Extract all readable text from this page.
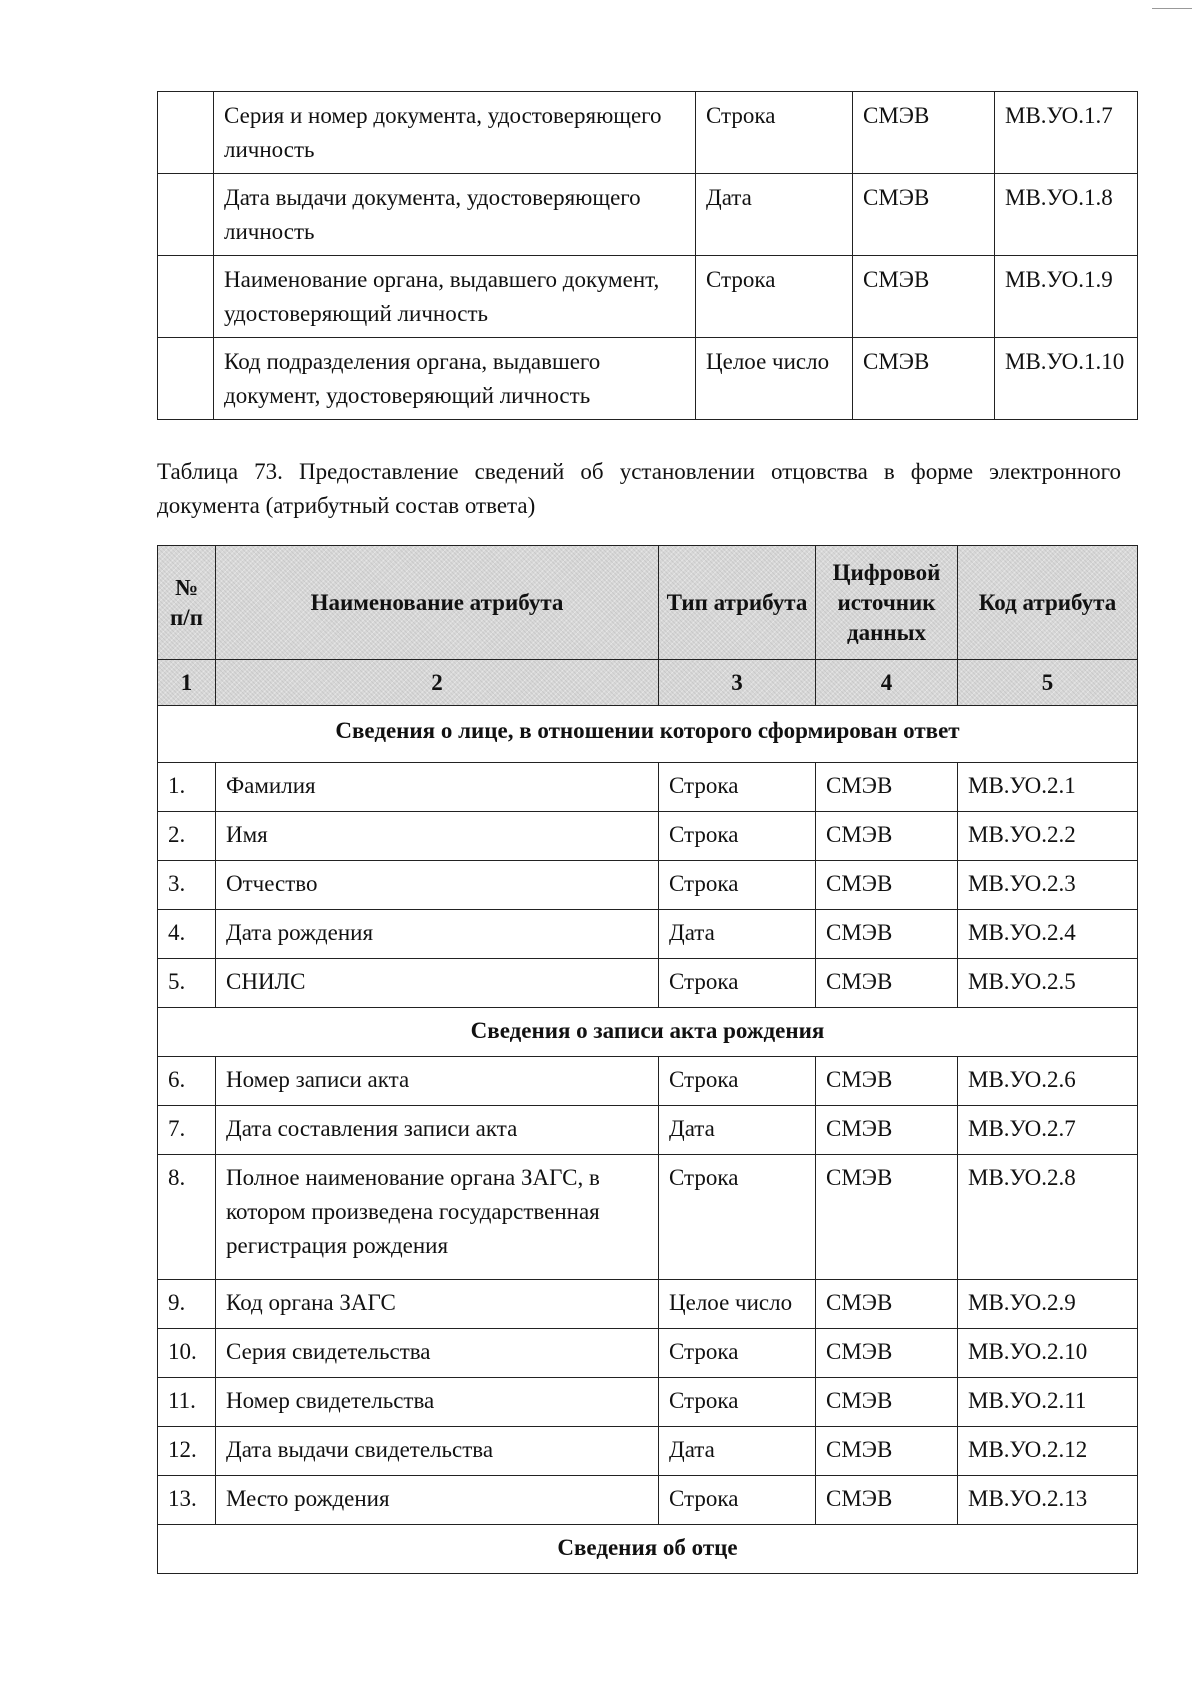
	Серия и номер документа, удостоверяющего личность	Строка	СМЭВ	МВ.УО.1.7
	Дата выдачи документа, удостоверяющего личность	Дата	СМЭВ	МВ.УО.1.8
	Наименование органа, выдавшего документ, удостоверяющий личность	Строка	СМЭВ	МВ.УО.1.9
	Код подразделения органа, выдавшего документ, удостоверяющий личность	Целое число	СМЭВ	МВ.УО.1.10
Таблица 73. Предоставление сведений об установлении отцовства в форме электронного документа (атрибутный состав ответа)
№ п/п	Наименование атрибута	Тип атрибута	Цифровой источник данных	Код атрибута
1	2	3	4	5
Сведения о лице, в отношении которого сформирован ответ				
1.	Фамилия	Строка	СМЭВ	МВ.УО.2.1
2.	Имя	Строка	СМЭВ	МВ.УО.2.2
3.	Отчество	Строка	СМЭВ	МВ.УО.2.3
4.	Дата рождения	Дата	СМЭВ	МВ.УО.2.4
5.	СНИЛС	Строка	СМЭВ	МВ.УО.2.5
Сведения о записи акта рождения				
6.	Номер записи акта	Строка	СМЭВ	МВ.УО.2.6
7.	Дата составления записи акта	Дата	СМЭВ	МВ.УО.2.7
8.	Полное наименование органа ЗАГС, в котором произведена государственная регистрация рождения	Строка	СМЭВ	МВ.УО.2.8
9.	Код органа ЗАГС	Целое число	СМЭВ	МВ.УО.2.9
10.	Серия свидетельства	Строка	СМЭВ	МВ.УО.2.10
11.	Номер свидетельства	Строка	СМЭВ	МВ.УО.2.11
12.	Дата выдачи свидетельства	Дата	СМЭВ	МВ.УО.2.12
13.	Место рождения	Строка	СМЭВ	МВ.УО.2.13
Сведения об отце				
